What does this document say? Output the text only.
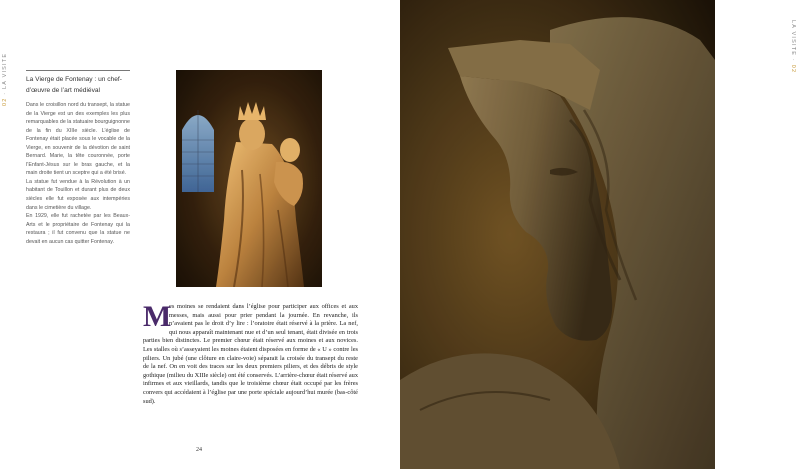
02 · LA VISITE	La Vierge de Fontenay : un chef-d’œuvre de l’art médiéval

Dans le croisillon nord du transept, la statue de la Vierge est un des exemples les plus remarquables de la statuaire bourguignonne de la fin du XIIIe siècle. L’église de Fontenay était placée sous le vocable de la Vierge, en souvenir de la dévotion de saint Bernard. Marie, la tête couronnée, porte l’Enfant-Jésus sur le bras gauche, et la main droite tient un sceptre qui a été brisé.

La statue fut vendue à la Révolution à un habitant de Touillon et durant plus de deux siècles elle fut exposée aux intempéries dans le cimetière du village.

En 1929, elle fut rachetée par les Beaux-Arts et le propriétaire de Fontenay qui la restaura ; il fut convenu que la statue ne devait en aucun cas quitter Fontenay.

M

es moines se rendaient dans l’église pour participer aux offices et aux messes, mais aussi pour prier pendant la journée. En revanche, ils n’avaient pas le droit d’y lire : l’oratoire était réservé à la prière. La nef, qui nous apparaît maintenant nue et d’un seul tenant, était divisée en trois parties bien distinctes. Le premier chœur était réservé aux moines et aux novices. Les stalles où s’asseyaient les moines étaient disposées en forme de « U » contre les piliers. Un jubé (une clôture en claire-voie) séparait la croisée du transept du reste de la nef. On en voit des traces sur les deux premiers piliers, et des débris de style gothique (milieu du XIIIe siècle) ont été conservés. L’arrière-chœur était réservé aux infirmes et aux vieillards, tandis que le troisième chœur était occupé par les frères convers qui accédaient à l’église par une porte spéciale aujourd’hui murée (bas-côté sud).

24
LA VISITE · 02
